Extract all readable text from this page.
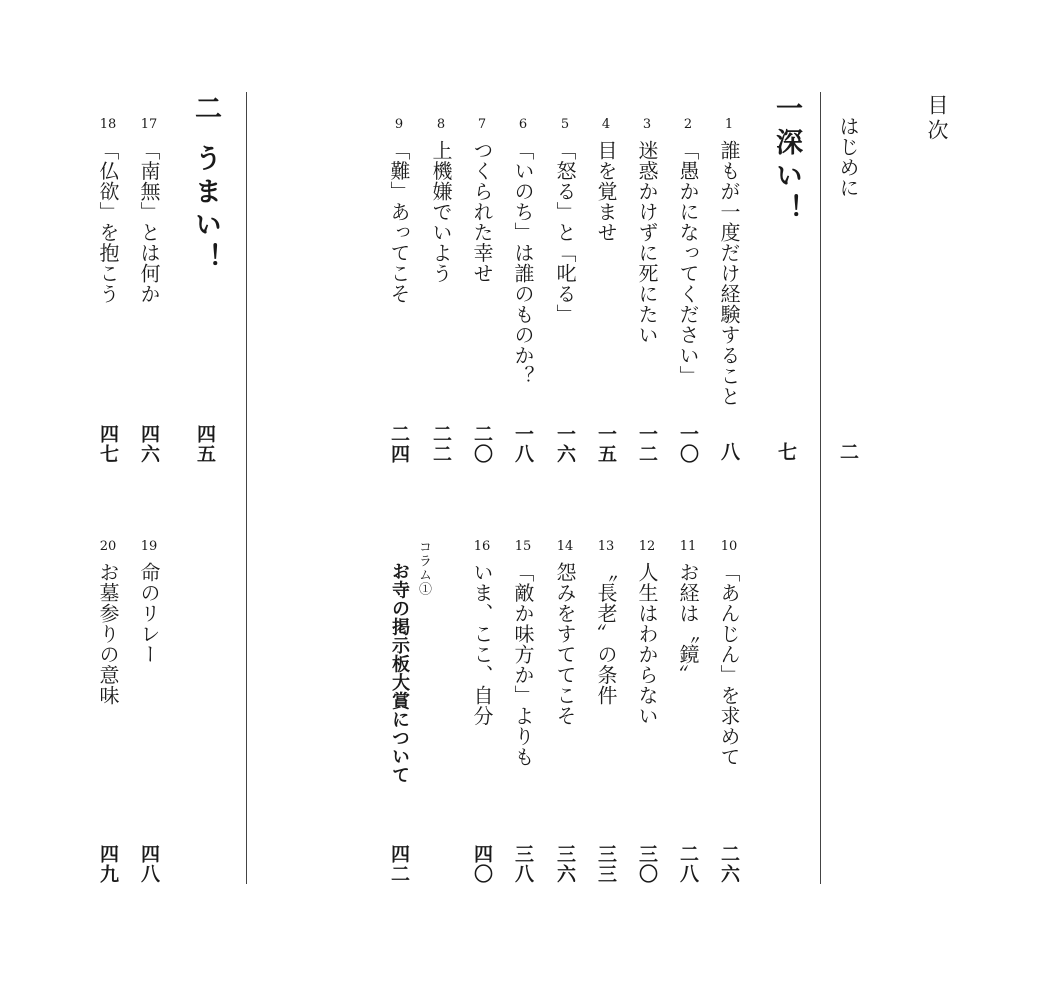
目次
はじめに
二
一
深い！
七
二
うまい！
四五
1
誰もが一度だけ経験すること
八
2
「愚かになってください」
一〇
3
迷惑かけずに死にたい
一二
4
目を覚ませ
一五
5
「怒る」と「叱る」
一六
6
「いのち」は誰のものか？
一八
7
つくられた幸せ
二〇
8
上機嫌でいよう
二二
9
「難」あってこそ
二四
10
「あんじん」を求めて
二六
11
お経は〝鏡〟
二八
12
人生はわからない
三〇
13
〝長老〟の条件
三三
14
怨みをすててこそ
三六
15
「敵か味方か」よりも
三八
16
いま、ここ、自分
四〇
コラム①
お寺の掲示板大賞について
四二
17
「南無」とは何か
四六
18
「仏欲」を抱こう
四七
19
命のリレー
四八
20
お墓参りの意味
四九
